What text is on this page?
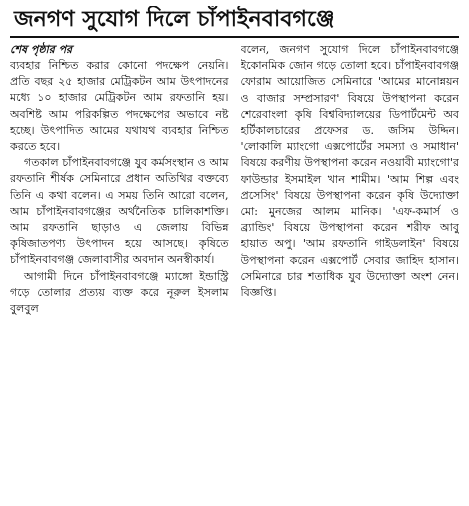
জনগণ সুযোগ দিলে চাঁপাইনবাবগঞ্জে
শেষ পৃষ্ঠার পর

ব্যবহার নিশ্চিত করার কোনো পদক্ষেপ নেয়নি। প্রতি বছর ২৫ হাজার মেট্রিকটন আম উৎপাদনের মধ্যে ১০ হাজার মেট্রিকটন আম রফতানি হয়। অবশিষ্ট আম পরিকল্পিত পদক্ষেপের অভাবে নষ্ট হচ্ছে। উৎপাদিত আমের যথাযথ ব্যবহার নিশ্চিত করতে হবে।

গতকাল চাঁপাইনবাবগঞ্জে যুব কর্মসংস্থান ও আম রফতানি শীর্ষক সেমিনারে প্রধান অতিথির বক্তব্যে তিনি এ কথা বলেন। এ সময় তিনি আরো বলেন, আম চাঁপাইনবাবগঞ্জের অর্থনৈতিক চালিকাশক্তি। আম রফতানি ছাড়াও এ জেলায় বিভিন্ন কৃষিজাতপণ্য উৎপাদন হয়ে আসছে। কৃষিতে চাঁপাইনবাবগঞ্জ জেলাবাসীর অবদান অনস্বীকার্য।

আগামী দিনে চাঁপাইনবাবগঞ্জে ম্যাঙ্গো ইন্ডাস্ট্রি গড়ে তোলার প্রত্যয় ব্যক্ত করে নূরুল ইসলাম বুলবুল

বলেন, জনগণ সুযোগ দিলে চাঁপাইনবাবগঞ্জে ইকোনমিক জোন গড়ে তোলা হবে। চাঁপাইনবাবগঞ্জ ফোরাম আয়োজিত সেমিনারে 'আমের মানোন্নয়ন ও বাজার সম্প্রসারণ' বিষয়ে উপস্থাপনা করেন শেরেবাংলা কৃষি বিশ্ববিদ্যালয়ের ডিপার্টমেন্ট অব হর্টিকালচারের প্রফেসর ড. জসিম উদ্দিন। 'লোকালি ম্যাংগো এক্সপোর্টের সমস্যা ও সমাধান' বিষয়ে করণীয় উপস্থাপনা করেন নওয়াবী ম্যাংগো'র ফাউন্ডার ইসমাইল খান শামীম। 'আম শিল্প এবং প্রসেসিং' বিষয়ে উপস্থাপনা করেন কৃষি উদ্যোক্তা মো: মুনজের আলম মানিক। 'এফ-কমার্স ও ব্র্যান্ডিং' বিষয়ে উপস্থাপনা করেন শরীফ আবু হায়াত অপু। 'আম রফতানি গাইডলাইন' বিষয়ে উপস্থাপনা করেন এক্সপোর্ট সেবার জাহিদ হাসান। সেমিনারে চার শতাধিক যুব উদ্যোক্তা অংশ নেন। বিজ্ঞপ্তি।
